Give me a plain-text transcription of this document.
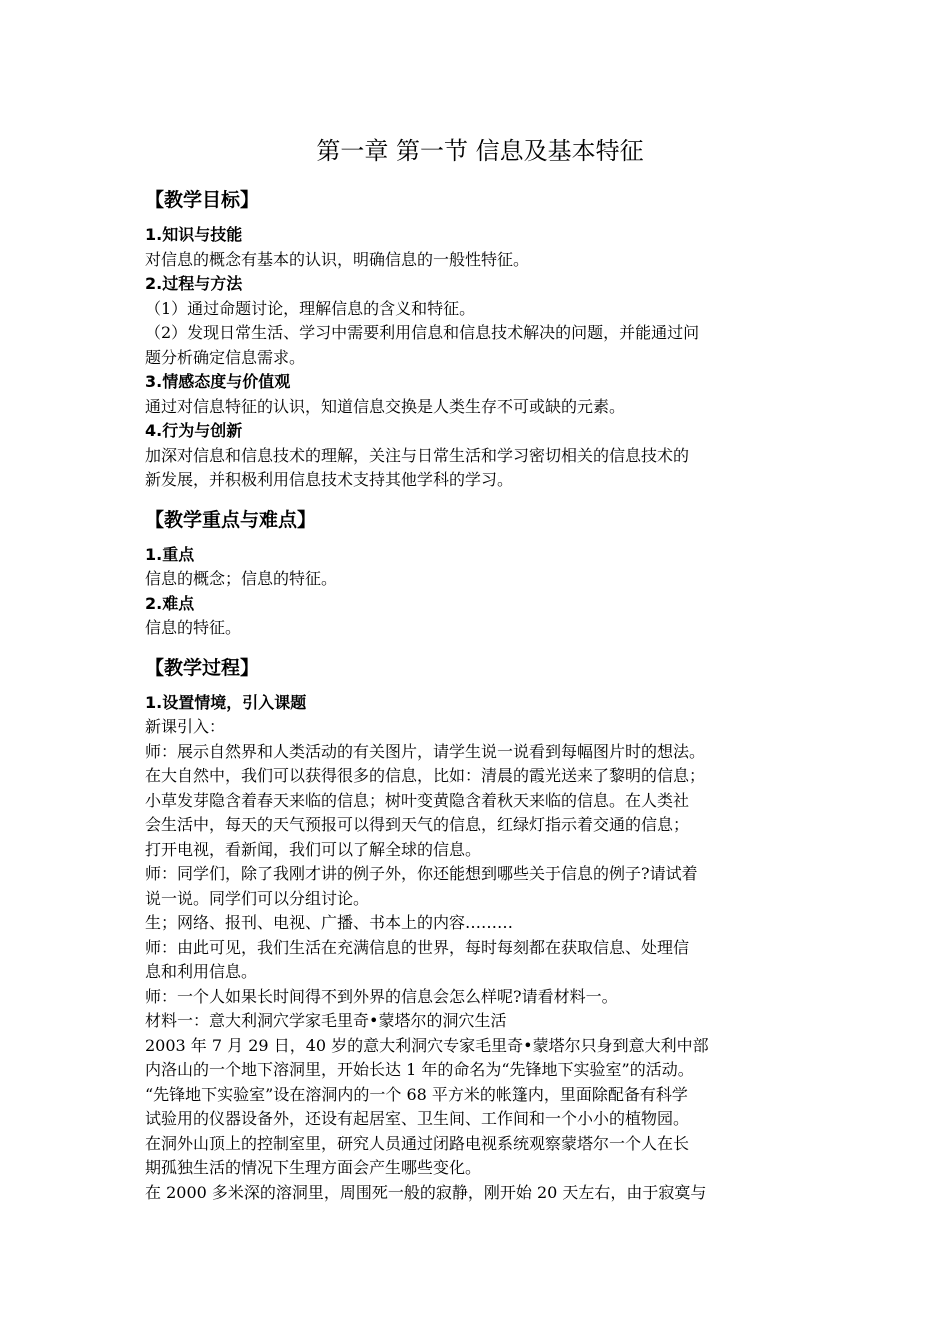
第一章 第一节 信息及基本特征
【教学目标】

1.知识与技能

对信息的概念有基本的认识，明确信息的一般性特征。

2.过程与方法

（1）通过命题讨论，理解信息的含义和特征。

（2）发现日常生活、学习中需要利用信息和信息技术解决的问题，并能通过问

题分析确定信息需求。

3.情感态度与价值观

通过对信息特征的认识，知道信息交换是人类生存不可或缺的元素。

4.行为与创新

加深对信息和信息技术的理解，关注与日常生活和学习密切相关的信息技术的

新发展，并积极利用信息技术支持其他学科的学习。

【教学重点与难点】

1.重点

信息的概念；信息的特征。

2.难点

信息的特征。

【教学过程】

1.设置情境，引入课题

新课引入：

师：展示自然界和人类活动的有关图片，请学生说一说看到每幅图片时的想法。

在大自然中，我们可以获得很多的信息，比如：清晨的霞光送来了黎明的信息；

小草发芽隐含着春天来临的信息；树叶变黄隐含着秋天来临的信息。在人类社

会生活中，每天的天气预报可以得到天气的信息，红绿灯指示着交通的信息；

打开电视，看新闻，我们可以了解全球的信息。

师：同学们，除了我刚才讲的例子外，你还能想到哪些关于信息的例子?请试着

说一说。同学们可以分组讨论。

生；网络、报刊、电视、广播、书本上的内容………

师：由此可见，我们生活在充满信息的世界，每时每刻都在获取信息、处理信

息和利用信息。

师：一个人如果长时间得不到外界的信息会怎么样呢?请看材料一。

材料一：意大利洞穴学家毛里奇•蒙塔尔的洞穴生活

2003 年 7 月 29 日，40 岁的意大利洞穴专家毛里奇•蒙塔尔只身到意大利中部

内洛山的一个地下溶洞里，开始长达 1 年的命名为“先锋地下实验室”的活动。

“先锋地下实验室”设在溶洞内的一个 68 平方米的帐篷内，里面除配备有科学

试验用的仪器设备外，还设有起居室、卫生间、工作间和一个小小的植物园。

在洞外山顶上的控制室里，研究人员通过闭路电视系统观察蒙塔尔一个人在长

期孤独生活的情况下生理方面会产生哪些变化。

在 2000 多米深的溶洞里，周围死一般的寂静，刚开始 20 天左右，由于寂寞与
